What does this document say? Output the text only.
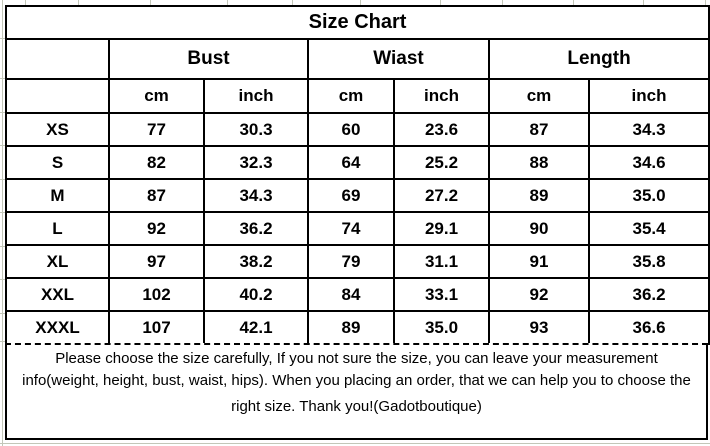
Size Chart						
	Bust		Wiast		Length	
	cm	inch	cm	inch	cm	inch
XS	77	30.3	60	23.6	87	34.3
S	82	32.3	64	25.2	88	34.6
M	87	34.3	69	27.2	89	35.0
L	92	36.2	74	29.1	90	35.4
XL	97	38.2	79	31.1	91	35.8
XXL	102	40.2	84	33.1	92	36.2
XXXL	107	42.1	89	35.0	93	36.6
Please choose the size carefully, If you not sure the size, you can leave your measurement
info(weight, height, bust, waist, hips). When you placing an order, that we can help you to choose the
right size. Thank you!(Gadotboutique)
